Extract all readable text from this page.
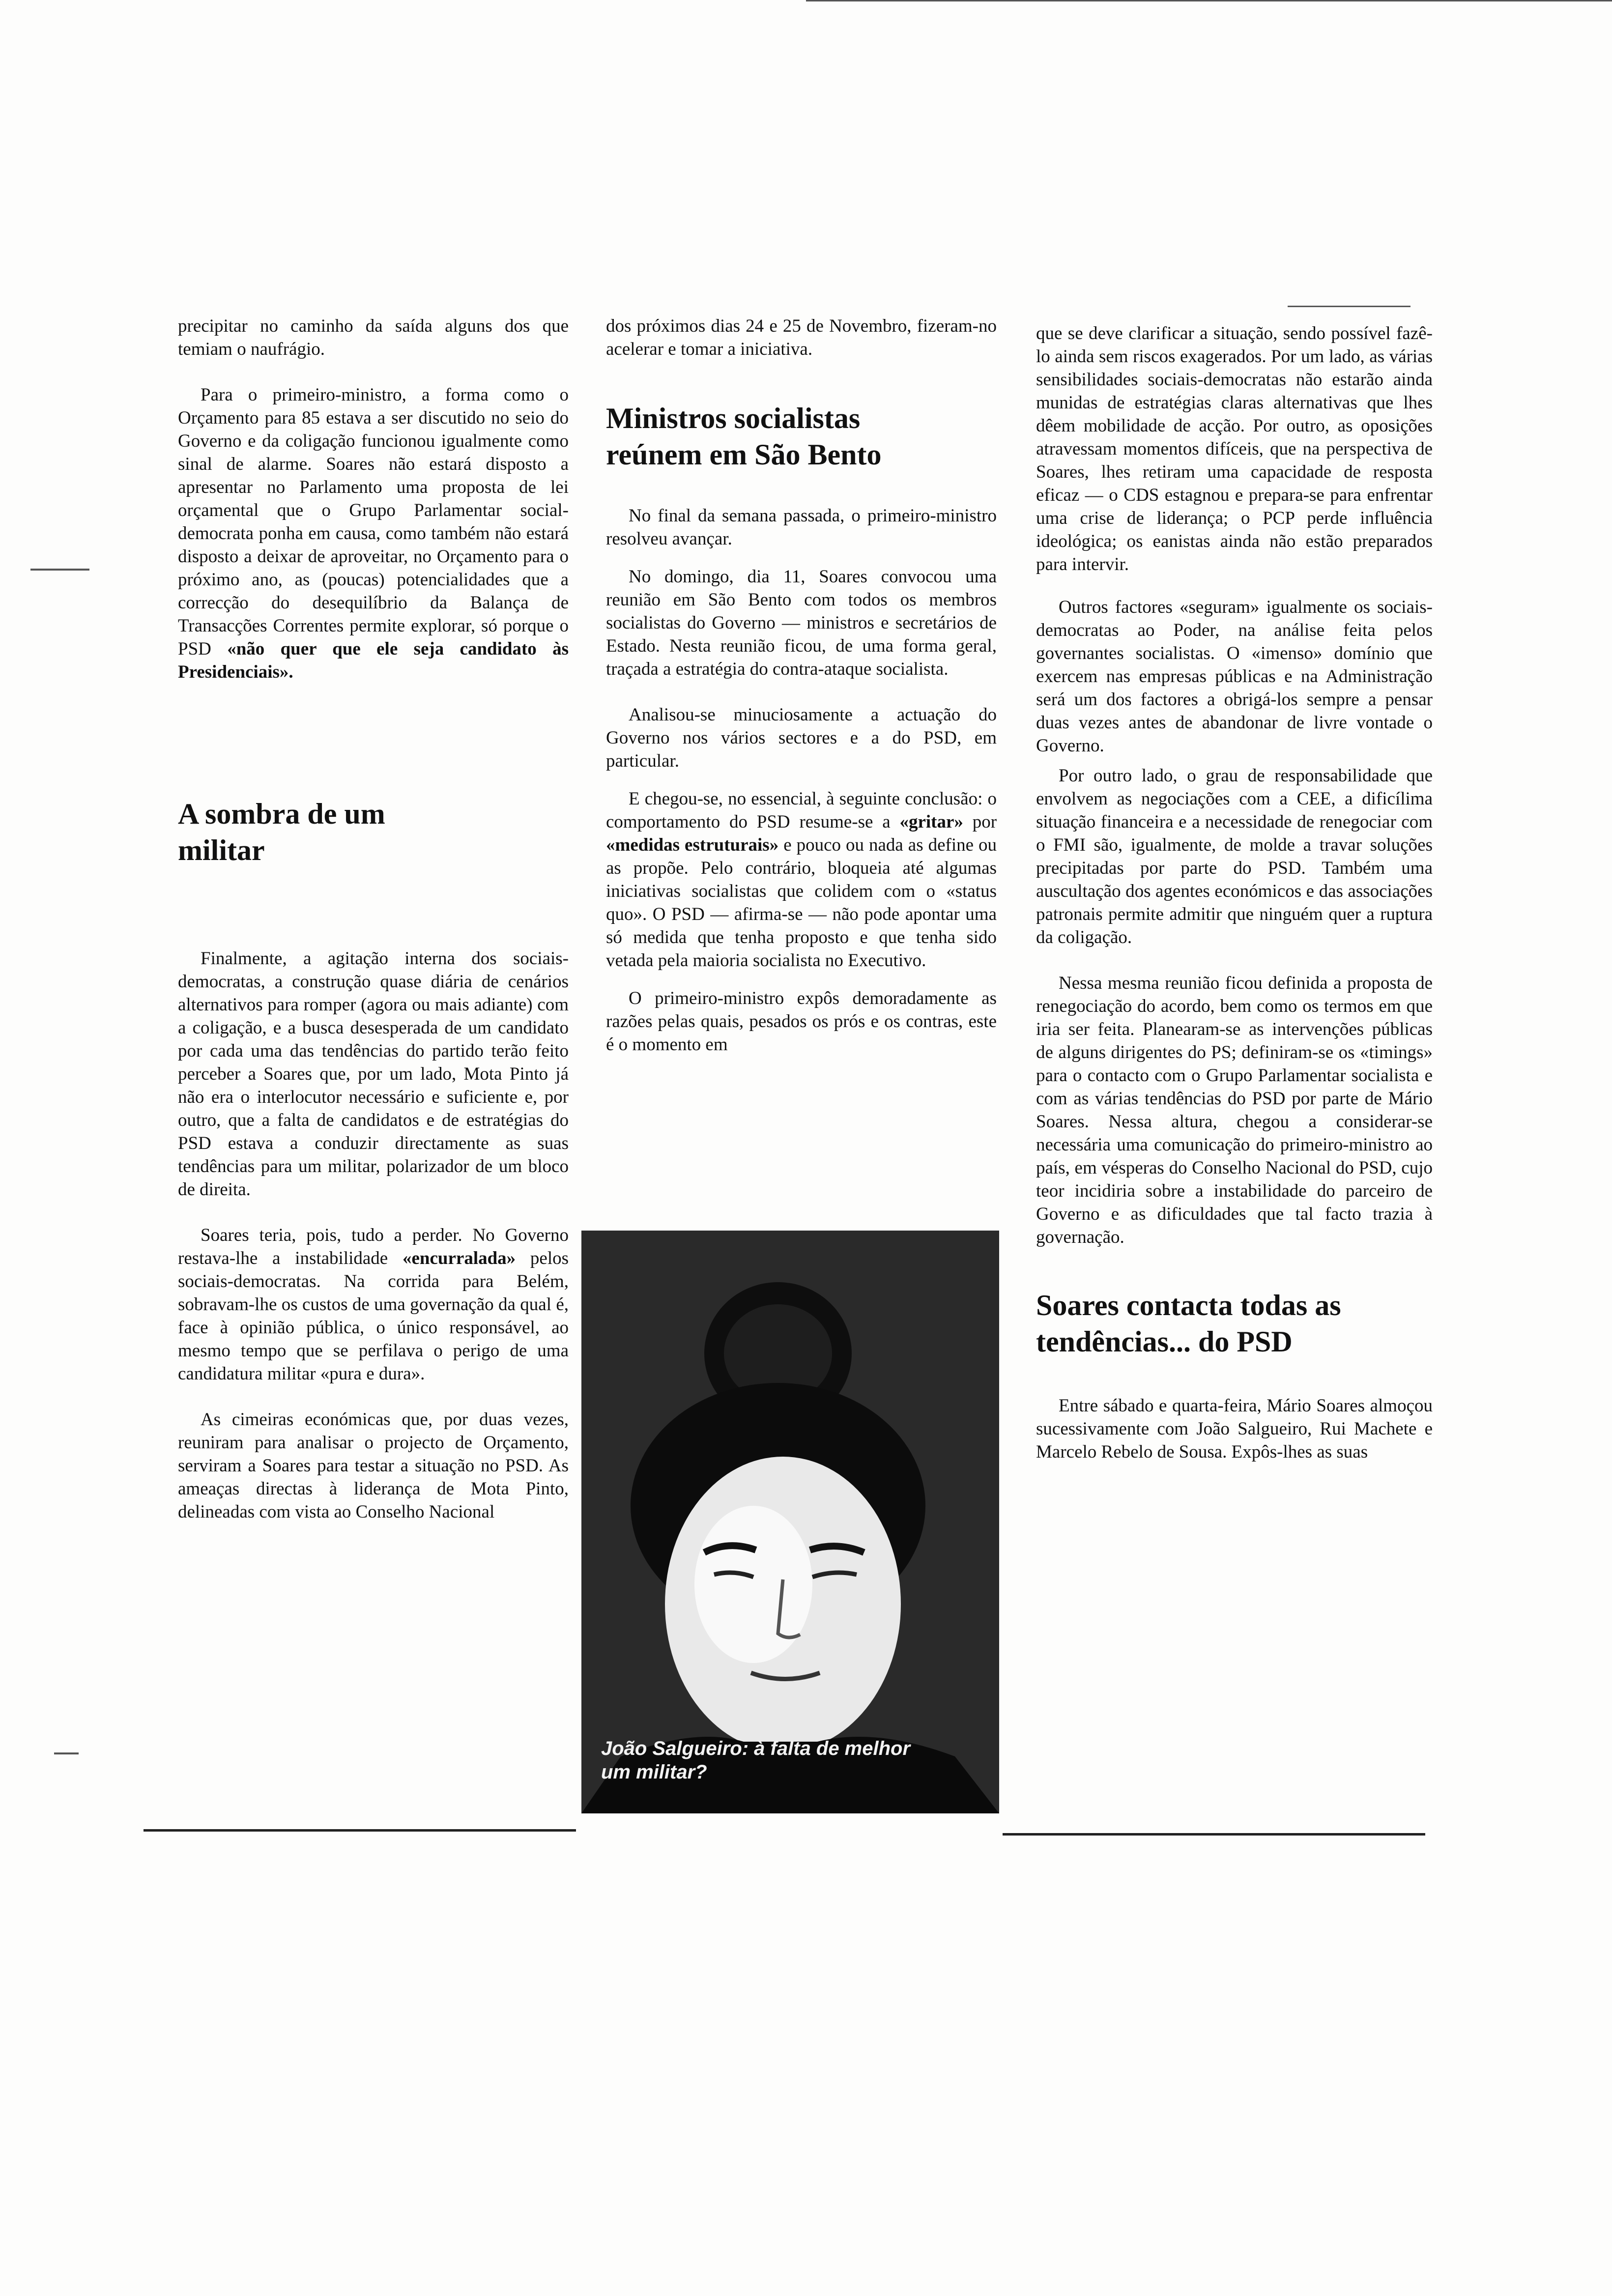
precipitar no caminho da saída alguns dos que temiam o naufrágio.

Para o primeiro-ministro, a forma como o Orçamento para 85 estava a ser discutido no seio do Governo e da coligação funcionou igualmente como sinal de alarme. Soares não estará disposto a apresentar no Parlamento uma proposta de lei orçamental que o Grupo Parlamentar social-democrata ponha em causa, como também não estará disposto a deixar de aproveitar, no Orçamento para o próximo ano, as (poucas) potencialidades que a correcção do desequilíbrio da Balança de Transacções Correntes permite explorar, só porque o PSD «não quer que ele seja candidato às Presidenciais».

A sombra de um militar

Finalmente, a agitação interna dos sociais-democratas, a construção quase diária de cenários alternativos para romper (agora ou mais adiante) com a coligação, e a busca desesperada de um candidato por cada uma das tendências do partido terão feito perceber a Soares que, por um lado, Mota Pinto já não era o interlocutor necessário e suficiente e, por outro, que a falta de candidatos e de estratégias do PSD estava a conduzir directamente as suas tendências para um militar, polarizador de um bloco de direita.

Soares teria, pois, tudo a perder. No Governo restava-lhe a instabilidade «encurralada» pelos sociais-democratas. Na corrida para Belém, sobravam-lhe os custos de uma governação da qual é, face à opinião pública, o único responsável, ao mesmo tempo que se perfilava o perigo de uma candidatura militar «pura e dura».

As cimeiras económicas que, por duas vezes, reuniram para analisar o projecto de Orçamento, serviram a Soares para testar a situação no PSD. As ameaças directas à liderança de Mota Pinto, delineadas com vista ao Conselho Nacional

dos próximos dias 24 e 25 de Novembro, fizeram-no acelerar e tomar a iniciativa.

Ministros socialistas reúnem em São Bento

No final da semana passada, o primeiro-ministro resolveu avançar.

No domingo, dia 11, Soares convocou uma reunião em São Bento com todos os membros socialistas do Governo — ministros e secretários de Estado. Nesta reunião ficou, de uma forma geral, traçada a estratégia do contra-ataque socialista.

Analisou-se minuciosamente a actuação do Governo nos vários sectores e a do PSD, em particular.

E chegou-se, no essencial, à seguinte conclusão: o comportamento do PSD resume-se a «gritar» por «medidas estruturais» e pouco ou nada as define ou as propõe. Pelo contrário, bloqueia até algumas iniciativas socialistas que colidem com o «status quo». O PSD — afirma-se — não pode apontar uma só medida que tenha proposto e que tenha sido vetada pela maioria socialista no Executivo.

O primeiro-ministro expôs demoradamente as razões pelas quais, pesados os prós e os contras, este é o momento em

João Salgueiro: à falta de melhor um militar?

que se deve clarificar a situação, sendo possível fazê-lo ainda sem riscos exagerados. Por um lado, as várias sensibilidades sociais-democratas não estarão ainda munidas de estratégias claras alternativas que lhes dêem mobilidade de acção. Por outro, as oposições atravessam momentos difíceis, que na perspectiva de Soares, lhes retiram uma capacidade de resposta eficaz — o CDS estagnou e prepara-se para enfrentar uma crise de liderança; o PCP perde influência ideológica; os eanistas ainda não estão preparados para intervir.

Outros factores «seguram» igualmente os sociais-democratas ao Poder, na análise feita pelos governantes socialistas. O «imenso» domínio que exercem nas empresas públicas e na Administração será um dos factores a obrigá-los sempre a pensar duas vezes antes de abandonar de livre vontade o Governo.

Por outro lado, o grau de responsabilidade que envolvem as negociações com a CEE, a dificílima situação financeira e a necessidade de renegociar com o FMI são, igualmente, de molde a travar soluções precipitadas por parte do PSD. Também uma auscultação dos agentes económicos e das associações patronais permite admitir que ninguém quer a ruptura da coligação.

Nessa mesma reunião ficou definida a proposta de renegociação do acordo, bem como os termos em que iria ser feita. Planearam-se as intervenções públicas de alguns dirigentes do PS; definiram-se os «timings» para o contacto com o Grupo Parlamentar socialista e com as várias tendências do PSD por parte de Mário Soares. Nessa altura, chegou a considerar-se necessária uma comunicação do primeiro-ministro ao país, em vésperas do Conselho Nacional do PSD, cujo teor incidiria sobre a instabilidade do parceiro de Governo e as dificuldades que tal facto trazia à governação.

Soares contacta todas as tendências... do PSD

Entre sábado e quarta-feira, Mário Soares almoçou sucessivamente com João Salgueiro, Rui Machete e Marcelo Rebelo de Sousa. Expôs-lhes as suas
